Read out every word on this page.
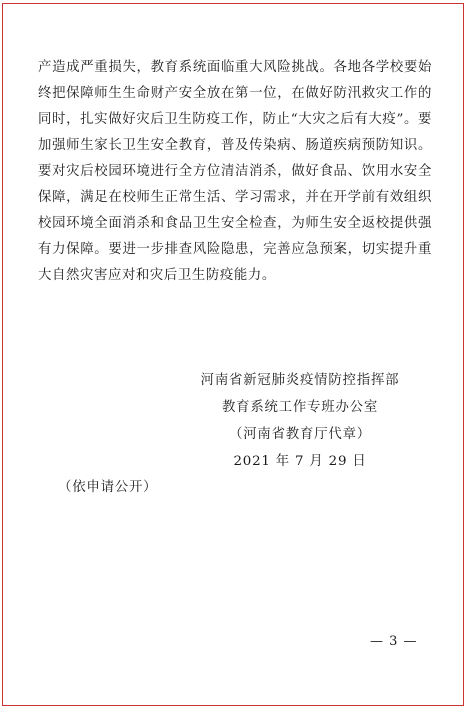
产造成严重损失，教育系统面临重大风险挑战。各地各学校要始
终把保障师生生命财产安全放在第一位，在做好防汛救灾工作的
同时，扎实做好灾后卫生防疫工作，防止“大灾之后有大疫”。要
加强师生家长卫生安全教育，普及传染病、肠道疾病预防知识。
要对灾后校园环境进行全方位清洁消杀，做好食品、饮用水安全
保障，满足在校师生正常生活、学习需求，并在开学前有效组织
校园环境全面消杀和食品卫生安全检查，为师生安全返校提供强
有力保障。要进一步排查风险隐患，完善应急预案，切实提升重
大自然灾害应对和灾后卫生防疫能力。
河南省新冠肺炎疫情防控指挥部
教育系统工作专班办公室
（河南省教育厅代章）
2021 年 7 月 29 日
（依申请公开）
— 3 —
